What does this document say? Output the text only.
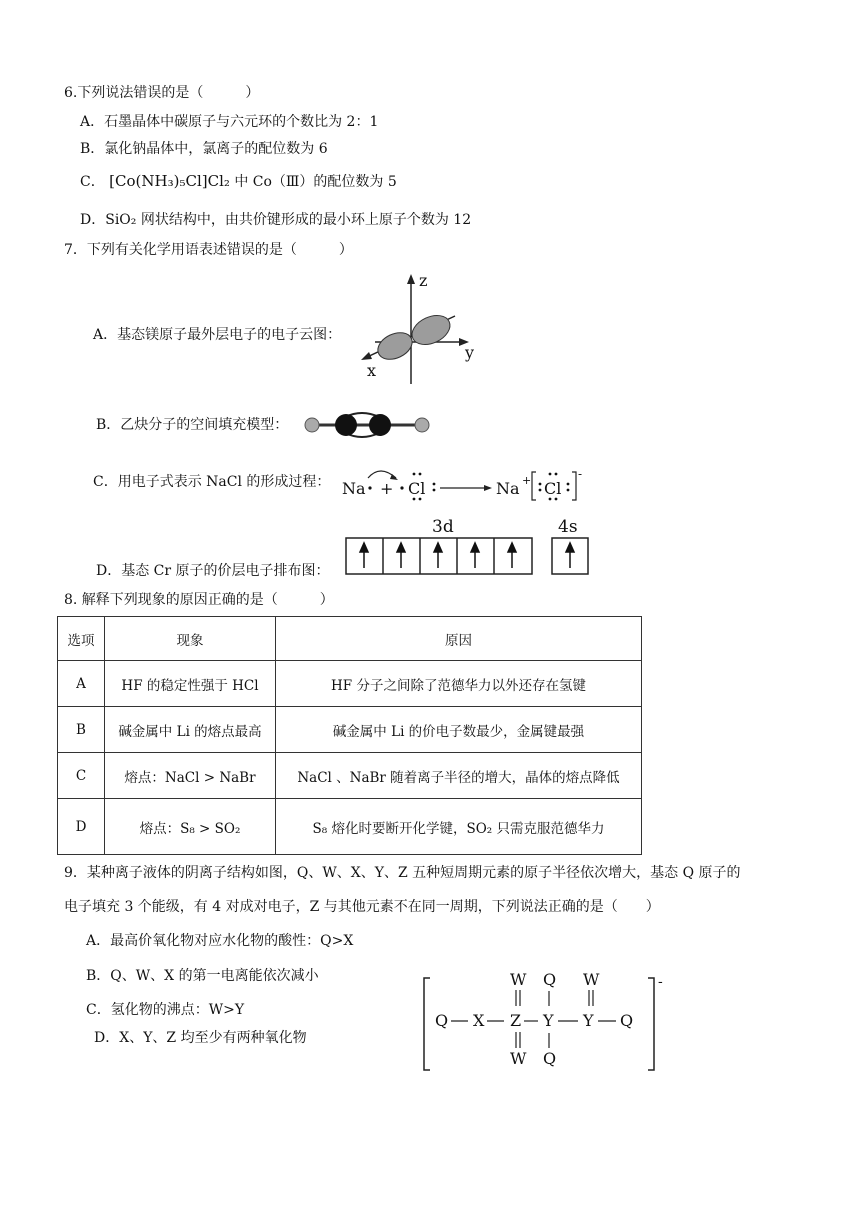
6.下列说法错误的是（　　　）
A．石墨晶体中碳原子与六元环的个数比为 2：1
B．氯化钠晶体中，氯离子的配位数为 6
C． [Co(NH₃)₅Cl]Cl₂ 中 Co（Ⅲ）的配位数为 5
D．SiO₂ 网状结构中，由共价键形成的最小环上原子个数为 12
7．下列有关化学用语表述错误的是（　　　）
A．基态镁原子最外层电子的电子云图：
z
y
x
B．乙炔分子的空间填充模型：
C．用电子式表示 NaCl 的形成过程： Na + Cl	Na + Cl
-
D．基态 Cr 原子的价层电子排布图：
3d	4s
8. 解释下列现象的原因正确的是（　　　）
选项	现象	原因
A	HF 的稳定性强于 HCl	HF 分子之间除了范德华力以外还存在氢键
B	碱金属中 Li 的熔点最高	碱金属中 Li 的价电子数最少，金属键最强
C	熔点：NaCl > NaBr	NaCl 、NaBr 随着离子半径的增大，晶体的熔点降低
D	熔点：S₈ > SO₂	S₈ 熔化时要断开化学键，SO₂ 只需克服范德华力
9．某种离子液体的阴离子结构如图，Q、W、X、Y、Z 五种短周期元素的原子半径依次增大，基态 Q 原子的
电子填充 3 个能级，有 4 对成对电子，Z 与其他元素不在同一周期，下列说法正确的是（　　）
A．最高价氧化物对应水化物的酸性：Q>X
B．Q、W、X 的第一电离能依次减小
C．氢化物的沸点：W>Y
D．X、Y、Z 均至少有两种氧化物
-
W Q W
Q X Z Y Y Q
W Q
